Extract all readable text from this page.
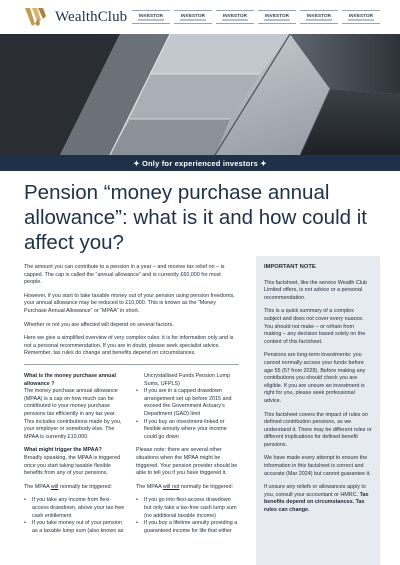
WealthClub	INVESTOR	INVESTOR	INVESTOR	INVESTOR	INVESTOR	INVESTOR
✦ Only for experienced investors ✦
Pension “money purchase annual allowance”: what is it and how could it affect you?

The amount you can contribute to a pension in a year – and receive tax relief on – is capped. The cap is called the “annual allowance” and is currently £60,000 for most people.

However, if you start to take taxable money out of your pension using pension freedoms, your annual allowance may be reduced to £10,000. This is known as the “Money Purchase Annual Allowance” or “MPAA” in short.

Whether or not you are affected will depend on several factors.

Here we give a simplified overview of very complex rules: it is for information only and is not a personal recommendation. If you are in doubt, please seek specialist advice. Remember, tax rules do change and benefits depend on circumstances.

What is the money purchase annual allowance ?

The money purchase annual allowance (MPAA) is a cap on how much can be contributed to your money purchase pensions tax efficiently in any tax year. This includes contributions made by you, your employer or somebody else. The MPAA is currently £10,000.

What might trigger the MPAA?

Broadly speaking, the MPAA is triggered once you start taking taxable flexible benefits from any of your pensions.

The MPAA will normally be triggered:

• If you take any income from flexi-access drawdown, above your tax-free cash entitlement
• If you take money out of your pension as a taxable lump sum (also known as
Uncrystallised Funds Pension Lump Sums, UFPLS)
• If you are in a capped drawdown arrangement set up before 2015 and exceed the Government Actuary’s Department (GAD) limit
• If you buy an investment-linked or flexible annuity where your income could go down

Please note: there are several other situations when the MPAA might be triggered. Your pension provider should be able to tell you if you have triggered it.

The MPAA will not normally be triggered:

• If you go into flexi-access drawdown but only take a tax-free cash lump sum (no additional taxable income)
• If you buy a lifetime annuity providing a guaranteed income for life that either

IMPORTANT NOTE

This factsheet, like the service Wealth Club Limited offers, is not advice or a personal recommendation.

This is a quick summary of a complex subject and does not cover every nuance. You should not make – or refrain from making – any decision based solely on the content of this factsheet.

Pensions are long-term investments: you cannot normally access your funds before age 55 (57 from 2028). Before making any contributions you should check you are eligible. If you are unsure an investment is right for you, please seek professional advice.

This factsheet covers the impact of rules on defined contribution pensions, as we understand it. There may be different rules or different implications for defined benefit pensions.

We have made every attempt to ensure the information in this factsheet is correct and accurate (Mar 2024) but cannot guarantee it.

If unsure any reliefs or allowances apply to you, consult your accountant or HMRC. Tax benefits depend on circumstances. Tax rules can change.
